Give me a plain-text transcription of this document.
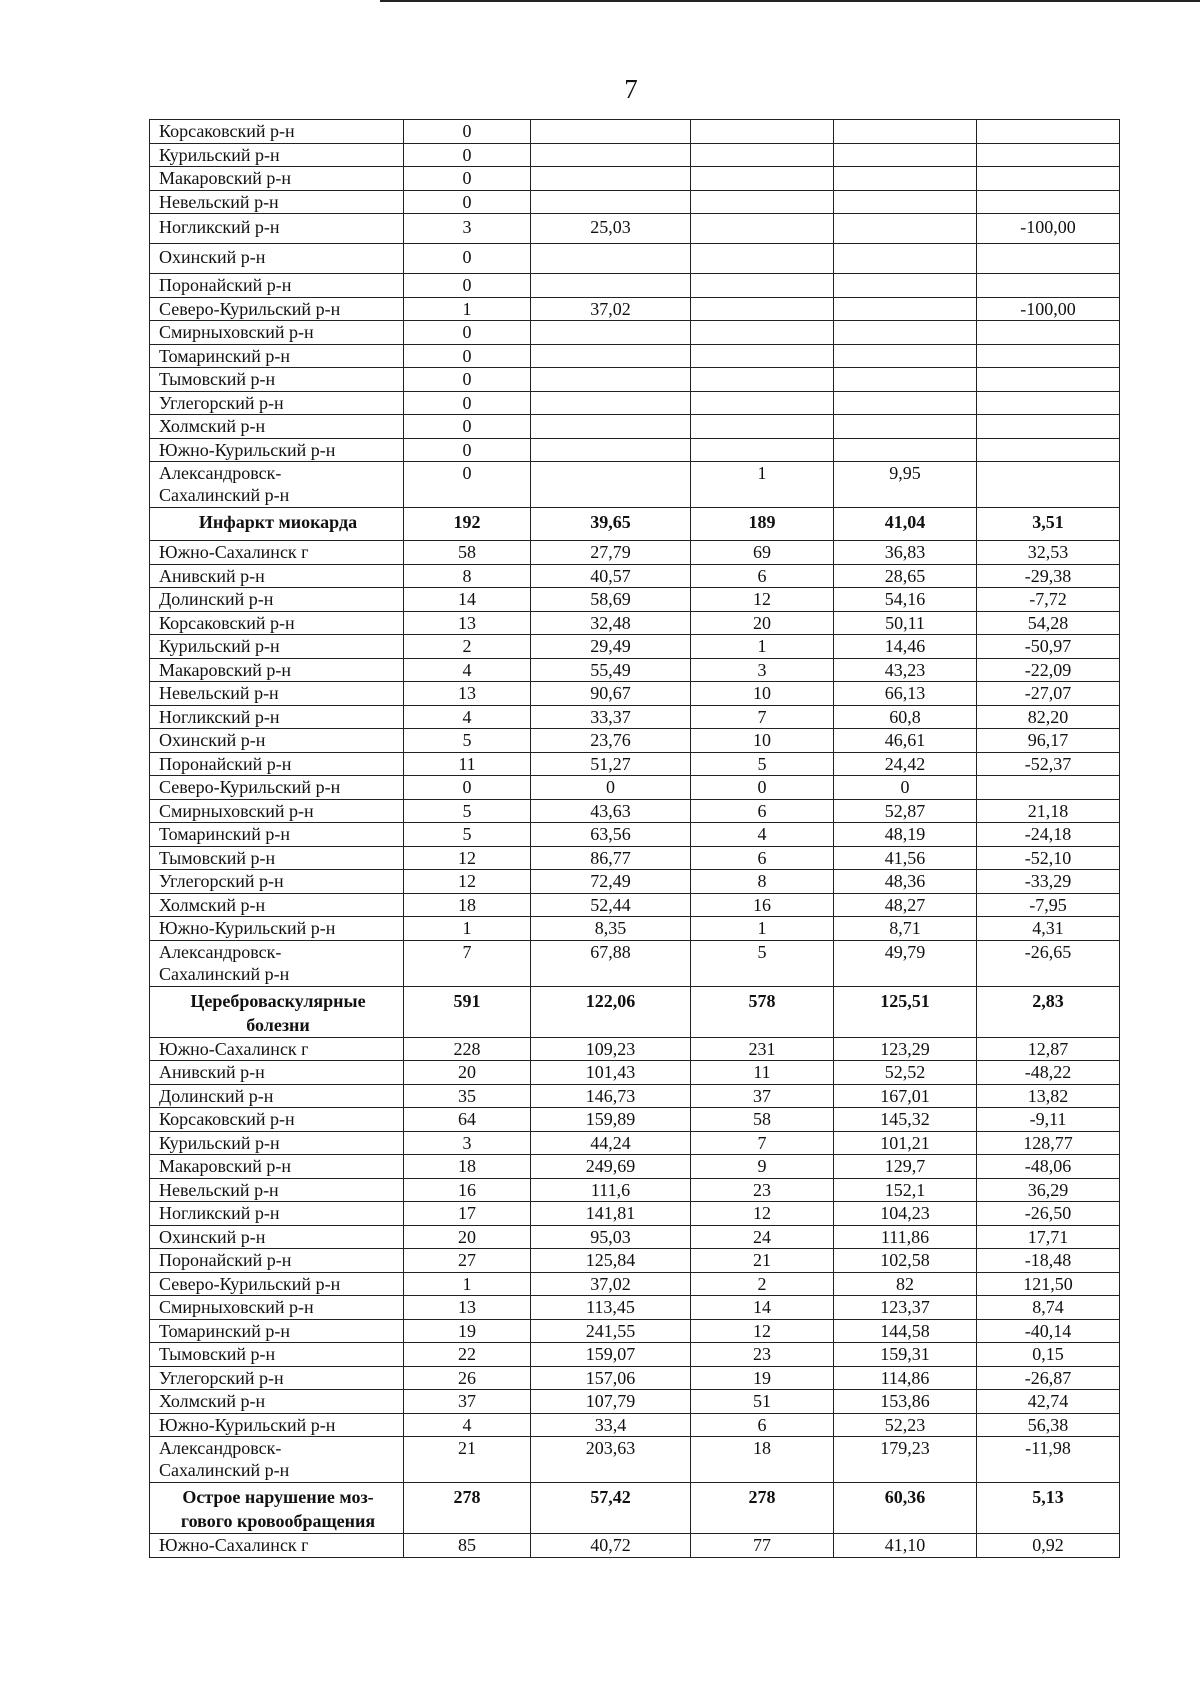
7
Корсаковский р-н	0				
Курильский р-н	0				
Макаровский р-н	0				
Невельский р-н	0				
Ногликский р-н	3	25,03			-100,00
Охинский р-н	0				
Поронайский р-н	0				
Северо-Курильский р-н	1	37,02			-100,00
Смирныховский р-н	0				
Томаринский р-н	0				
Тымовский р-н	0				
Углегорский р-н	0				
Холмский р-н	0				
Южно-Курильский р-н	0				
Александровск-
Сахалинский р-н	0		1	9,95	
Инфаркт миокарда	192	39,65	189	41,04	3,51
Южно-Сахалинск г	58	27,79	69	36,83	32,53
Анивский р-н	8	40,57	6	28,65	-29,38
Долинский р-н	14	58,69	12	54,16	-7,72
Корсаковский р-н	13	32,48	20	50,11	54,28
Курильский р-н	2	29,49	1	14,46	-50,97
Макаровский р-н	4	55,49	3	43,23	-22,09
Невельский р-н	13	90,67	10	66,13	-27,07
Ногликский р-н	4	33,37	7	60,8	82,20
Охинский р-н	5	23,76	10	46,61	96,17
Поронайский р-н	11	51,27	5	24,42	-52,37
Северо-Курильский р-н	0	0	0	0	
Смирныховский р-н	5	43,63	6	52,87	21,18
Томаринский р-н	5	63,56	4	48,19	-24,18
Тымовский р-н	12	86,77	6	41,56	-52,10
Углегорский р-н	12	72,49	8	48,36	-33,29
Холмский р-н	18	52,44	16	48,27	-7,95
Южно-Курильский р-н	1	8,35	1	8,71	4,31
Александровск-
Сахалинский р-н	7	67,88	5	49,79	-26,65
Цереброваскулярные
болезни	591	122,06	578	125,51	2,83
Южно-Сахалинск г	228	109,23	231	123,29	12,87
Анивский р-н	20	101,43	11	52,52	-48,22
Долинский р-н	35	146,73	37	167,01	13,82
Корсаковский р-н	64	159,89	58	145,32	-9,11
Курильский р-н	3	44,24	7	101,21	128,77
Макаровский р-н	18	249,69	9	129,7	-48,06
Невельский р-н	16	111,6	23	152,1	36,29
Ногликский р-н	17	141,81	12	104,23	-26,50
Охинский р-н	20	95,03	24	111,86	17,71
Поронайский р-н	27	125,84	21	102,58	-18,48
Северо-Курильский р-н	1	37,02	2	82	121,50
Смирныховский р-н	13	113,45	14	123,37	8,74
Томаринский р-н	19	241,55	12	144,58	-40,14
Тымовский р-н	22	159,07	23	159,31	0,15
Углегорский р-н	26	157,06	19	114,86	-26,87
Холмский р-н	37	107,79	51	153,86	42,74
Южно-Курильский р-н	4	33,4	6	52,23	56,38
Александровск-
Сахалинский р-н	21	203,63	18	179,23	-11,98
Острое нарушение моз-
гового кровообращения	278	57,42	278	60,36	5,13
Южно-Сахалинск г	85	40,72	77	41,10	0,92
